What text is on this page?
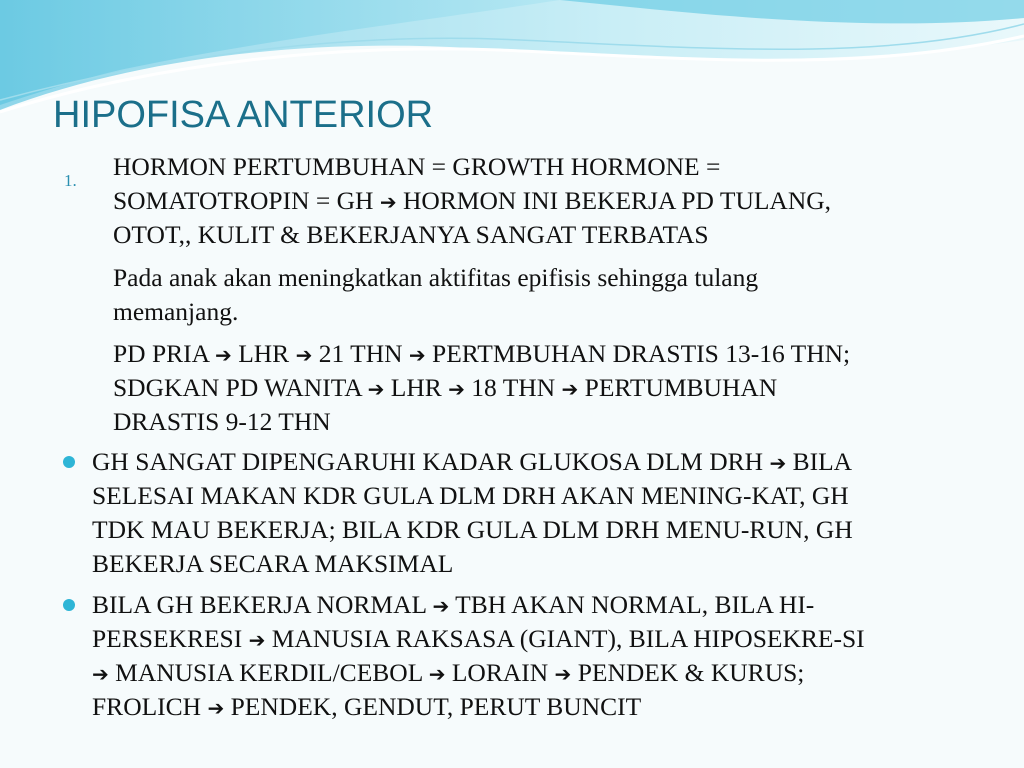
HIPOFISA ANTERIOR
1. HORMON PERTUMBUHAN = GROWTH HORMONE =
SOMATOTROPIN = GH ➔ HORMON INI BEKERJA PD TULANG,
OTOT,, KULIT & BEKERJANYA SANGAT TERBATAS
Pada anak akan meningkatkan aktifitas epifisis sehingga tulang
memanjang.
PD PRIA ➔ LHR ➔ 21 THN ➔ PERTMBUHAN DRASTIS 13-16 THN;
SDGKAN PD WANITA ➔ LHR ➔ 18 THN ➔ PERTUMBUHAN
DRASTIS 9-12 THN
GH SANGAT DIPENGARUHI KADAR GLUKOSA DLM DRH ➔ BILA
SELESAI MAKAN KDR GULA DLM DRH AKAN MENING-KAT, GH
TDK MAU BEKERJA; BILA KDR GULA DLM DRH MENU-RUN, GH
BEKERJA SECARA MAKSIMAL
BILA GH BEKERJA NORMAL ➔ TBH AKAN NORMAL, BILA HI-
PERSEKRESI ➔ MANUSIA RAKSASA (GIANT), BILA HIPOSEKRE-SI
➔ MANUSIA KERDIL/CEBOL ➔ LORAIN ➔ PENDEK & KURUS;
FROLICH ➔ PENDEK, GENDUT, PERUT BUNCIT
